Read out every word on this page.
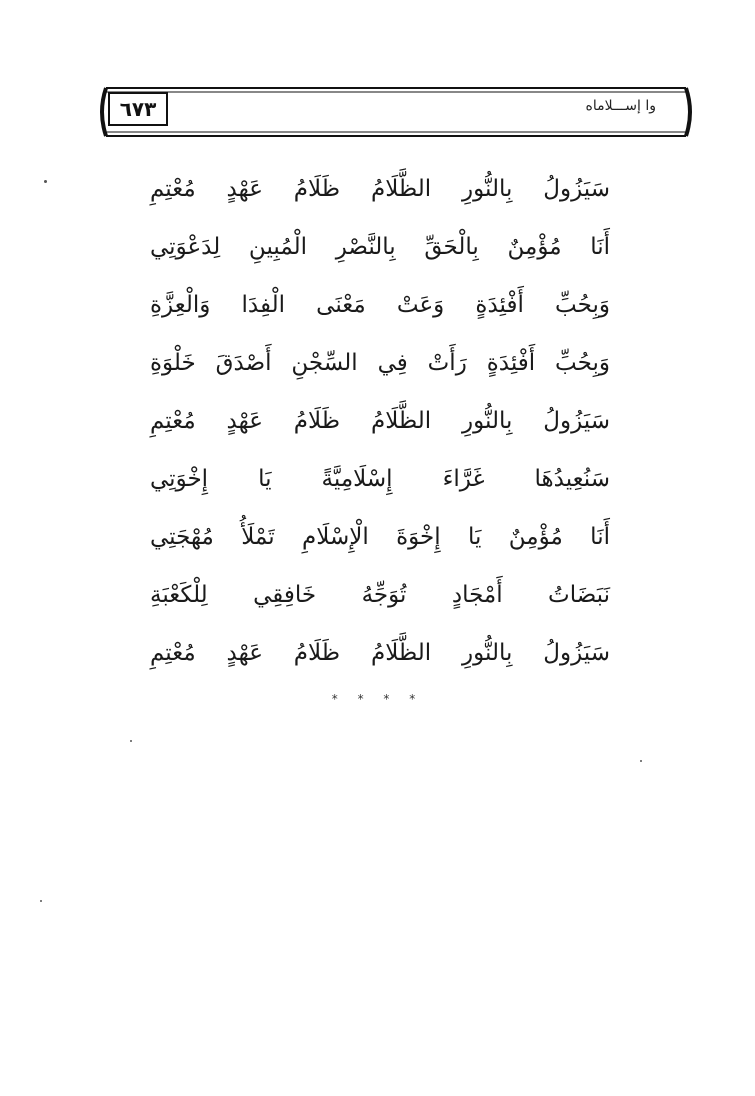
٦٧٣	وا إســـلاماه
سَيَزُولُ بِالنُّورِ الظَّلَامُ ظَلَامُ عَهْدٍ مُعْتِمِ
أَنَا مُؤْمِنٌ بِالْحَقِّ بِالنَّصْرِ الْمُبِينِ لِدَعْوَتِي
وَبِحُبِّ أَفْئِدَةٍ وَعَتْ مَعْنَى الْفِدَا وَالْعِزَّةِ
وَبِحُبِّ أَفْئِدَةٍ رَأَتْ فِي السِّجْنِ أَصْدَقَ خَلْوَةِ
سَيَزُولُ بِالنُّورِ الظَّلَامُ ظَلَامُ عَهْدٍ مُعْتِمِ
سَنُعِيدُهَا غَرَّاءَ إِسْلَامِيَّةً يَا إِخْوَتِي
أَنَا مُؤْمِنٌ يَا إِخْوَةَ الْإِسْلَامِ تَمْلَأُ مُهْجَتِي
نَبَضَاتُ أَمْجَادٍ تُوَجِّهُ خَافِقِي لِلْكَعْبَةِ
سَيَزُولُ بِالنُّورِ الظَّلَامُ ظَلَامُ عَهْدٍ مُعْتِمِ
* * * *
